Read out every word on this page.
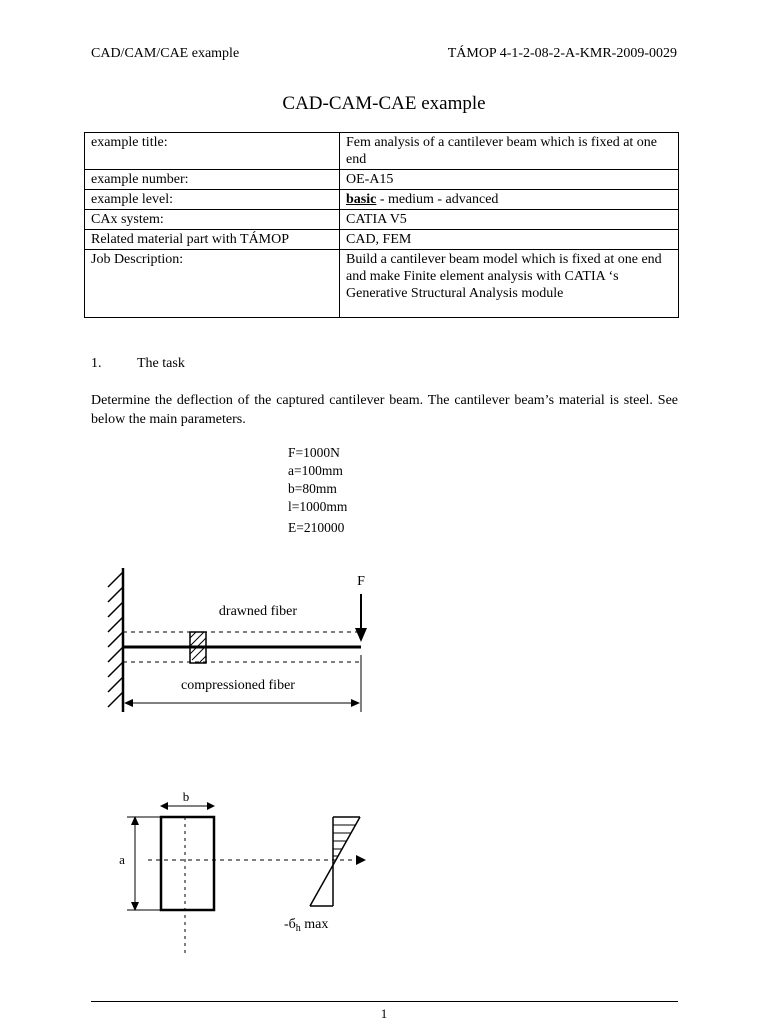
CAD/CAM/CAE example	TÁMOP 4-1-2-08-2-A-KMR-2009-0029
CAD-CAM-CAE example
example title:	Fem analysis of a cantilever beam which is fixed at one end
example number:	OE-A15
example level:	basic - medium - advanced
CAx system:	CATIA V5
Related material part with TÁMOP	CAD, FEM
Job Description:	Build a cantilever beam model which is fixed at one end and make Finite element analysis with CATIA ‘s Generative Structural Analysis module
1.	The task
Determine the deflection of the captured cantilever beam. The cantilever beam’s material is steel. See below the main parameters.
F=1000N
a=100mm
b=80mm
l=1000mm
E=210000
F
drawned fiber
compressioned fiber
b
a
$-б_h$ max
1
